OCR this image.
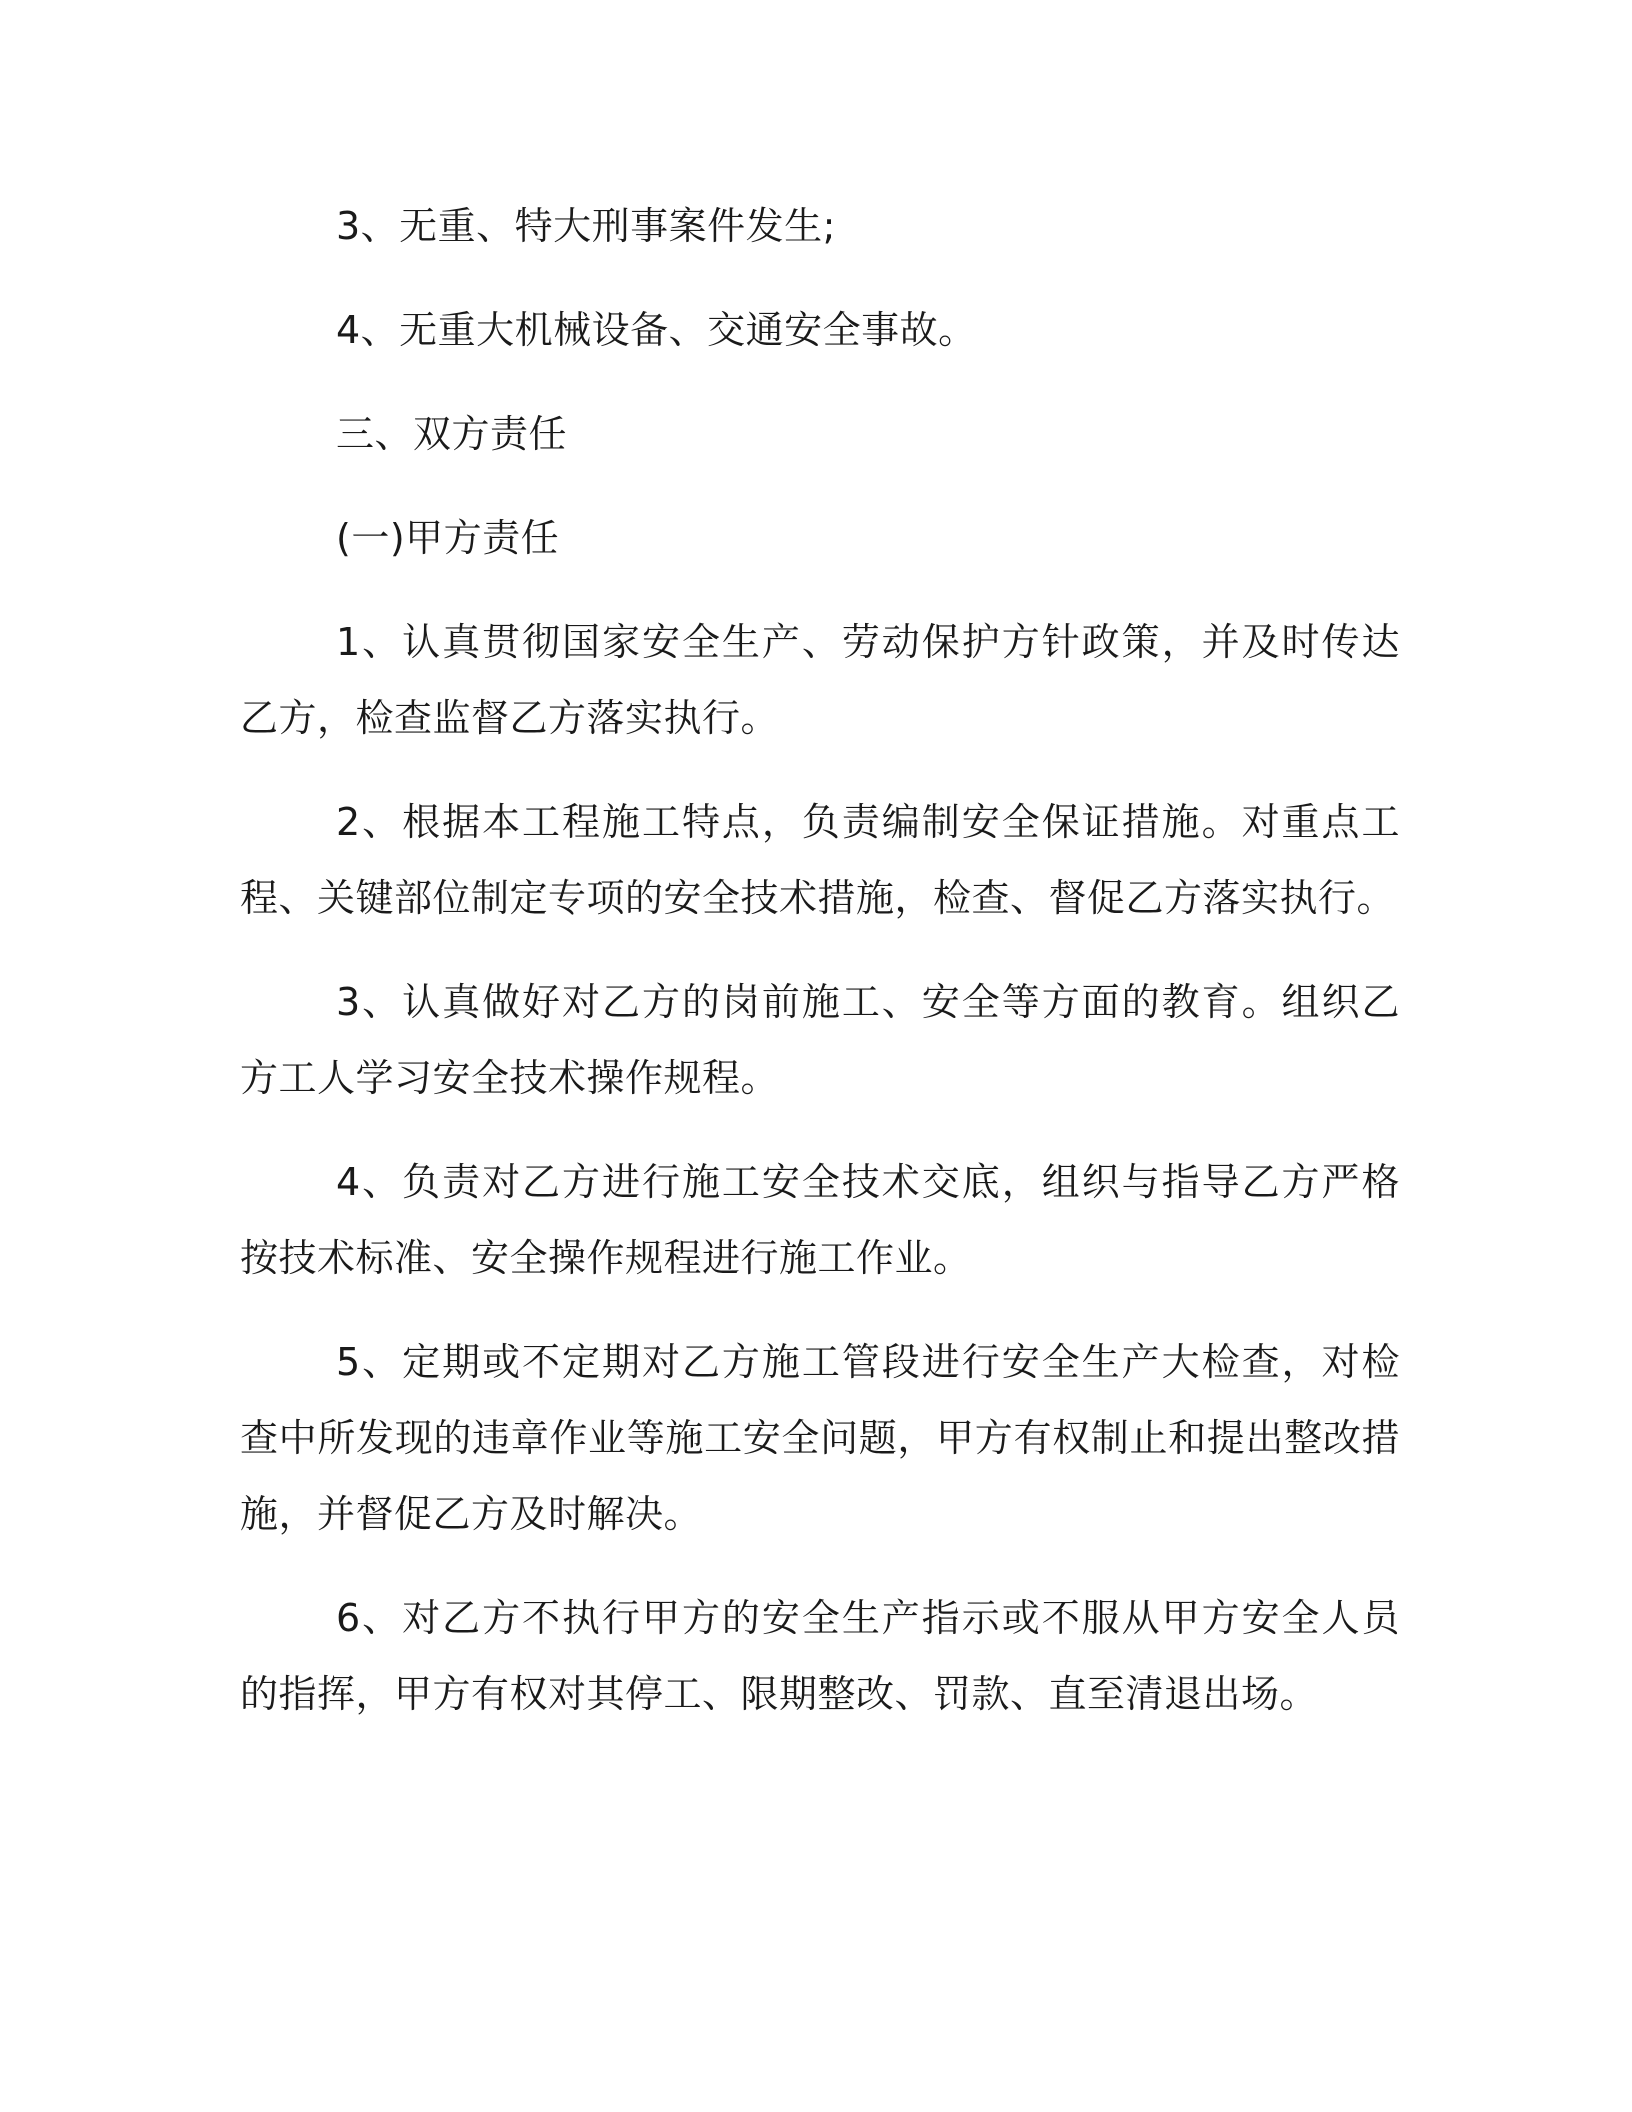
3、无重、特大刑事案件发生;

4、无重大机械设备、交通安全事故。

三、双方责任

(一)甲方责任

1、认真贯彻国家安全生产、劳动保护方针政策，并及时传达乙方，检查监督乙方落实执行。

2、根据本工程施工特点，负责编制安全保证措施。对重点工程、关键部位制定专项的安全技术措施，检查、督促乙方落实执行。

3、认真做好对乙方的岗前施工、安全等方面的教育。组织乙方工人学习安全技术操作规程。

4、负责对乙方进行施工安全技术交底，组织与指导乙方严格按技术标准、安全操作规程进行施工作业。

5、定期或不定期对乙方施工管段进行安全生产大检查，对检查中所发现的违章作业等施工安全问题，甲方有权制止和提出整改措施，并督促乙方及时解决。

6、对乙方不执行甲方的安全生产指示或不服从甲方安全人员的指挥，甲方有权对其停工、限期整改、罚款、直至清退出场。
